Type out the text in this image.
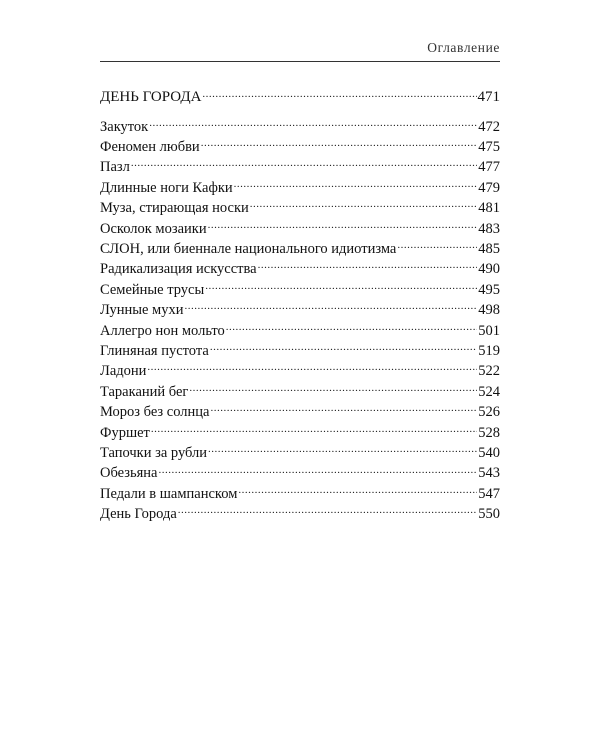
Оглавление
ДЕНЬ ГОРОДА .....	471
Закуток .....	472
Феномен любви .....	475
Пазл .....	477
Длинные ноги Кафки .....	479
Муза, стирающая носки .....	481
Осколок мозаики .....	483
СЛОН, или биеннале национального идиотизма .....	485
Радикализация искусства .....	490
Семейные трусы .....	495
Лунные мухи .....	498
Аллегро нон мольто .....	501
Глиняная пустота .....	519
Ладони .....	522
Тараканий бег .....	524
Мороз без солнца .....	526
Фуршет .....	528
Тапочки за рубли .....	540
Обезьяна .....	543
Педали в шампанском .....	547
День Города .....	550
